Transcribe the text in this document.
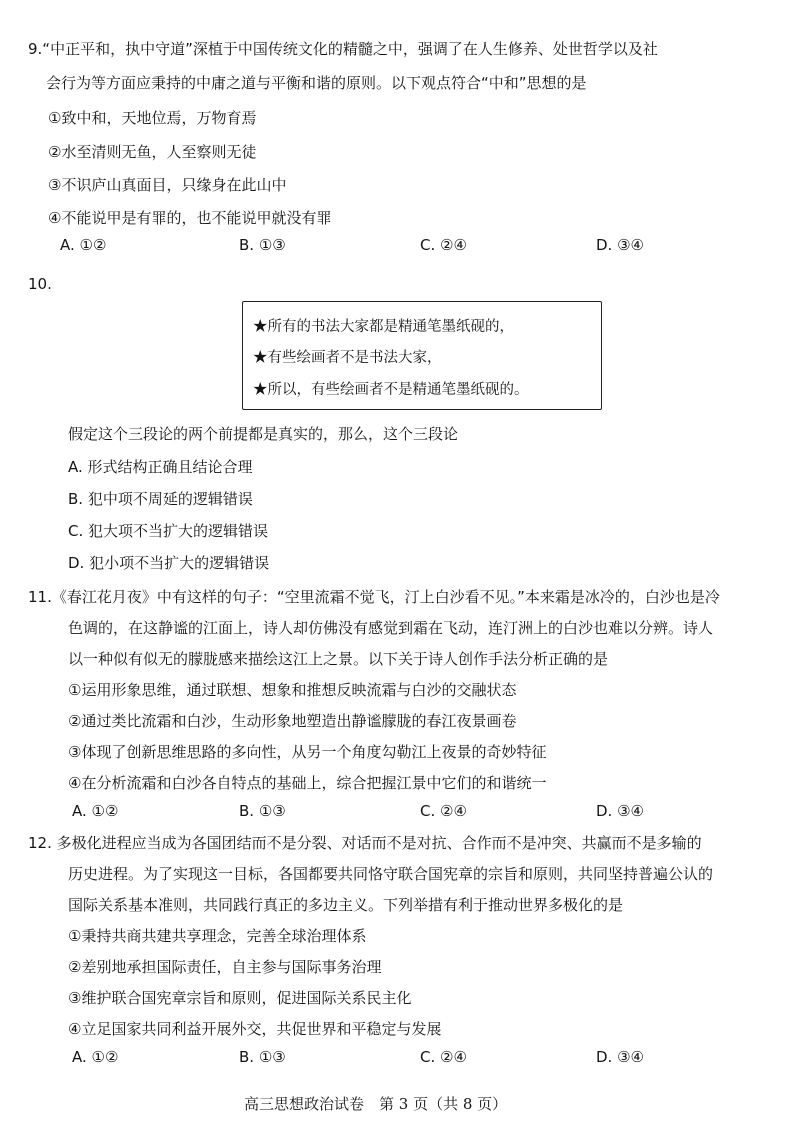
9.“中正平和，执中守道”深植于中国传统文化的精髓之中，强调了在人生修养、处世哲学以及社
会行为等方面应秉持的中庸之道与平衡和谐的原则。以下观点符合“中和”思想的是
①致中和，天地位焉，万物育焉
②水至清则无鱼，人至察则无徒
③不识庐山真面目，只缘身在此山中
④不能说甲是有罪的，也不能说甲就没有罪
A. ①②	B. ①③	C. ②④	D. ③④
10.
★所有的书法大家都是精通笔墨纸砚的，
★有些绘画者不是书法大家，
★所以，有些绘画者不是精通笔墨纸砚的。
假定这个三段论的两个前提都是真实的，那么，这个三段论
A. 形式结构正确且结论合理
B. 犯中项不周延的逻辑错误
C. 犯大项不当扩大的逻辑错误
D. 犯小项不当扩大的逻辑错误
11.《春江花月夜》中有这样的句子：“空里流霜不觉飞，汀上白沙看不见。”本来霜是冰冷的，白沙也是冷
色调的，在这静谧的江面上，诗人却仿佛没有感觉到霜在飞动，连汀洲上的白沙也难以分辨。诗人
以一种似有似无的朦胧感来描绘这江上之景。以下关于诗人创作手法分析正确的是
①运用形象思维，通过联想、想象和推想反映流霜与白沙的交融状态
②通过类比流霜和白沙，生动形象地塑造出静谧朦胧的春江夜景画卷
③体现了创新思维思路的多向性，从另一个角度勾勒江上夜景的奇妙特征
④在分析流霜和白沙各自特点的基础上，综合把握江景中它们的和谐统一
A. ①②	B. ①③	C. ②④	D. ③④
12. 多极化进程应当成为各国团结而不是分裂、对话而不是对抗、合作而不是冲突、共赢而不是多输的
历史进程。为了实现这一目标，各国都要共同恪守联合国宪章的宗旨和原则，共同坚持普遍公认的
国际关系基本准则，共同践行真正的多边主义。下列举措有利于推动世界多极化的是
①秉持共商共建共享理念，完善全球治理体系
②差别地承担国际责任，自主参与国际事务治理
③维护联合国宪章宗旨和原则，促进国际关系民主化
④立足国家共同利益开展外交，共促世界和平稳定与发展
A. ①②	B. ①③	C. ②④	D. ③④
高三思想政治试卷　第 3 页（共 8 页）
